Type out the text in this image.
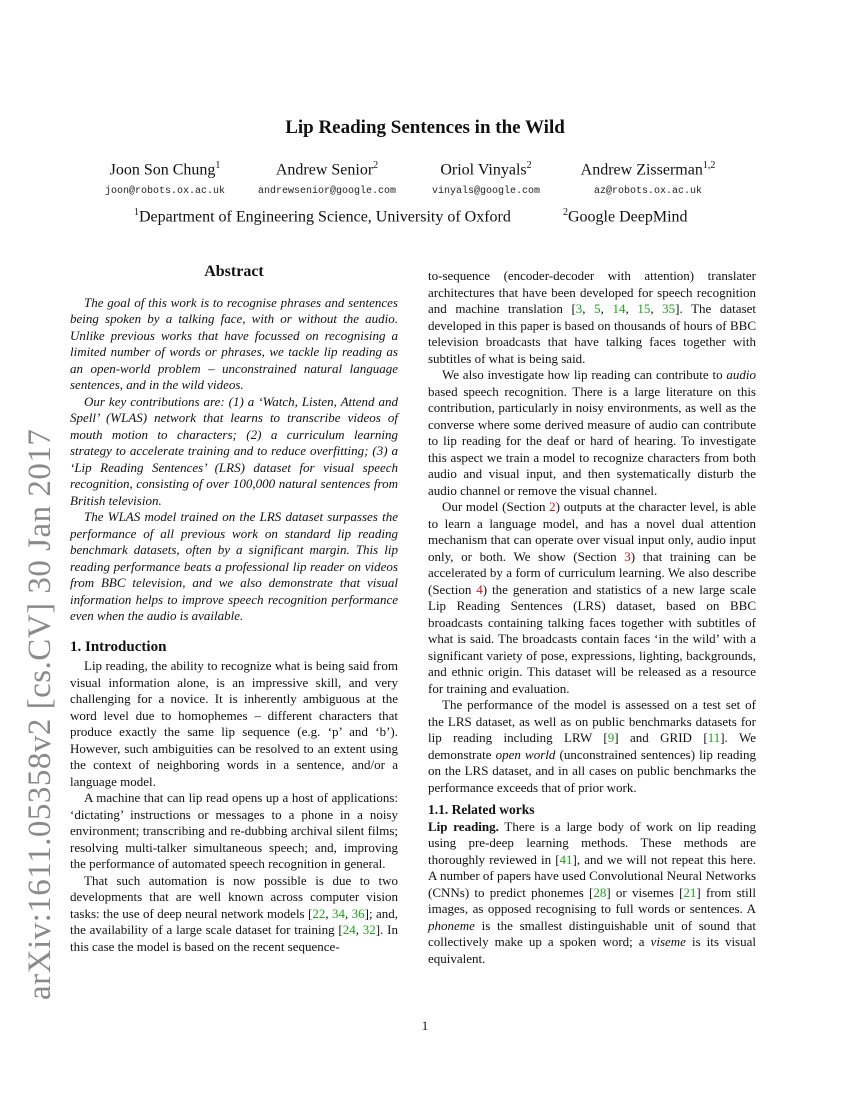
Lip Reading Sentences in the Wild
Joon Son Chung$^1$	Andrew Senior$^2$	Oriol Vinyals$^2$	Andrew Zisserman$^{1,2}$
joon@robots.ox.ac.uk	andrewsenior@google.com	vinyals@google.com	az@robots.ox.ac.uk
$^1$Department of Engineering Science, University of Oxford	$^2$Google DeepMind
arXiv:1611.05358v2 [cs.CV] 30 Jan 2017
Abstract

The goal of this work is to recognise phrases and sentences being spoken by a talking face, with or without the audio. Unlike previous works that have focussed on recognising a limited number of words or phrases, we tackle lip reading as an open-world problem – unconstrained natural language sentences, and in the wild videos.

Our key contributions are: (1) a ‘Watch, Listen, Attend and Spell’ (WLAS) network that learns to transcribe videos of mouth motion to characters; (2) a curriculum learning strategy to accelerate training and to reduce overfitting; (3) a ‘Lip Reading Sentences’ (LRS) dataset for visual speech recognition, consisting of over 100,000 natural sentences from British television.

The WLAS model trained on the LRS dataset surpasses the performance of all previous work on standard lip reading benchmark datasets, often by a significant margin. This lip reading performance beats a professional lip reader on videos from BBC television, and we also demonstrate that visual information helps to improve speech recognition performance even when the audio is available.

1. Introduction

Lip reading, the ability to recognize what is being said from visual information alone, is an impressive skill, and very challenging for a novice. It is inherently ambiguous at the word level due to homophemes – different characters that produce exactly the same lip sequence (e.g. ‘p’ and ‘b’). However, such ambiguities can be resolved to an extent using the context of neighboring words in a sentence, and/or a language model.

A machine that can lip read opens up a host of applications: ‘dictating’ instructions or messages to a phone in a noisy environment; transcribing and re-dubbing archival silent films; resolving multi-talker simultaneous speech; and, improving the performance of automated speech recognition in general.

That such automation is now possible is due to two developments that are well known across computer vision tasks: the use of deep neural network models [22, 34, 36]; and, the availability of a large scale dataset for training [24, 32]. In this case the model is based on the recent sequence-

to-sequence (encoder-decoder with attention) translater architectures that have been developed for speech recognition and machine translation [3, 5, 14, 15, 35]. The dataset developed in this paper is based on thousands of hours of BBC television broadcasts that have talking faces together with subtitles of what is being said.

We also investigate how lip reading can contribute to audio based speech recognition. There is a large literature on this contribution, particularly in noisy environments, as well as the converse where some derived measure of audio can contribute to lip reading for the deaf or hard of hearing. To investigate this aspect we train a model to recognize characters from both audio and visual input, and then systematically disturb the audio channel or remove the visual channel.

Our model (Section 2) outputs at the character level, is able to learn a language model, and has a novel dual attention mechanism that can operate over visual input only, audio input only, or both. We show (Section 3) that training can be accelerated by a form of curriculum learning. We also describe (Section 4) the generation and statistics of a new large scale Lip Reading Sentences (LRS) dataset, based on BBC broadcasts containing talking faces together with subtitles of what is said. The broadcasts contain faces ‘in the wild’ with a significant variety of pose, expressions, lighting, backgrounds, and ethnic origin. This dataset will be released as a resource for training and evaluation.

The performance of the model is assessed on a test set of the LRS dataset, as well as on public benchmarks datasets for lip reading including LRW [9] and GRID [11]. We demonstrate open world (unconstrained sentences) lip reading on the LRS dataset, and in all cases on public benchmarks the performance exceeds that of prior work.

1.1. Related works

Lip reading. There is a large body of work on lip reading using pre-deep learning methods. These methods are thoroughly reviewed in [41], and we will not repeat this here. A number of papers have used Convolutional Neural Networks (CNNs) to predict phonemes [28] or visemes [21] from still images, as opposed recognising to full words or sentences. A phoneme is the smallest distinguishable unit of sound that collectively make up a spoken word; a viseme is its visual equivalent.

1
